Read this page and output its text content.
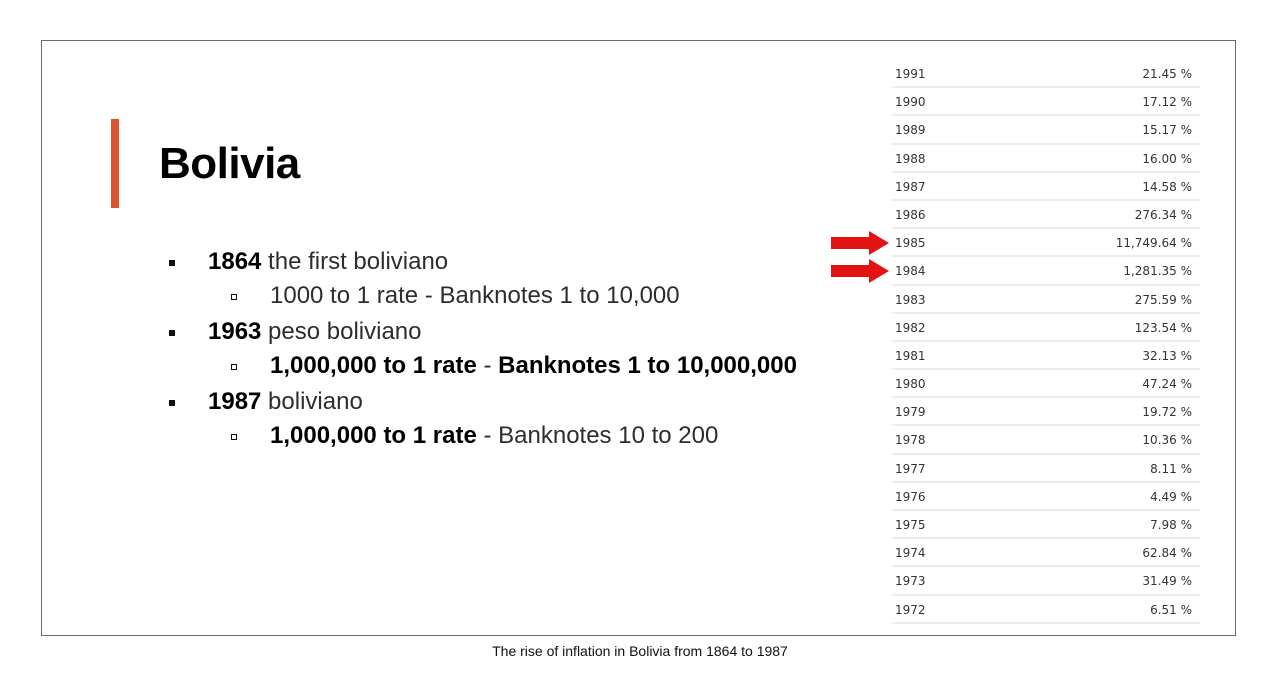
Bolivia
1864 the first boliviano
1000 to 1 rate - Banknotes 1 to 10,000
1963 peso boliviano
1,000,000 to 1 rate - Banknotes 1 to 10,000,000
1987 boliviano
1,000,000 to 1 rate - Banknotes 10 to 200
1991	21.45 %
1990	17.12 %
1989	15.17 %
1988	16.00 %
1987	14.58 %
1986	276.34 %
1985	11,749.64 %
1984	1,281.35 %
1983	275.59 %
1982	123.54 %
1981	32.13 %
1980	47.24 %
1979	19.72 %
1978	10.36 %
1977	8.11 %
1976	4.49 %
1975	7.98 %
1974	62.84 %
1973	31.49 %
1972	6.51 %
The rise of inflation in Bolivia from 1864 to 1987
